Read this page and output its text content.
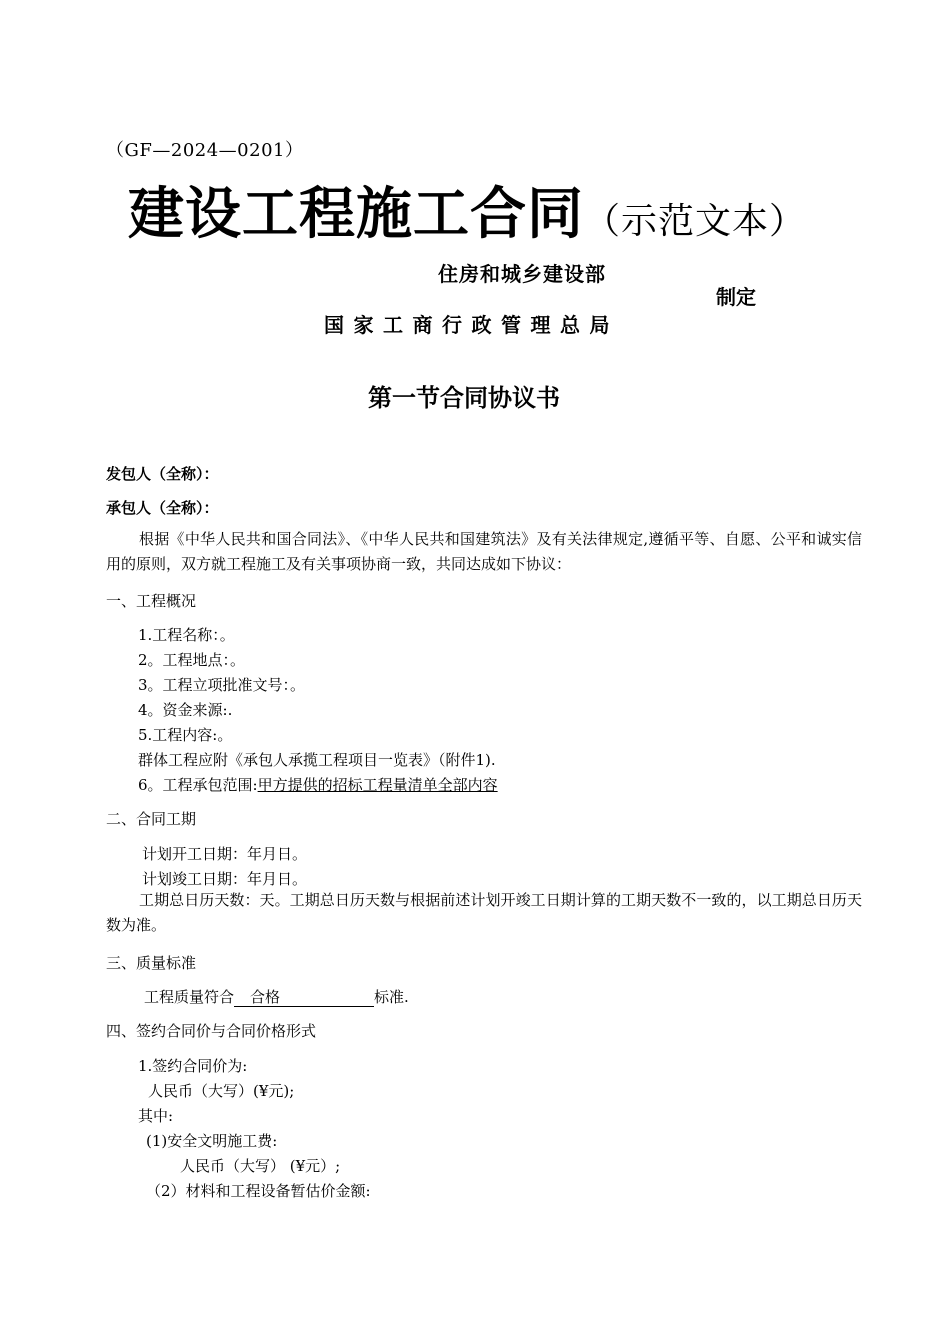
（GF—2024—0201）
建设工程施工合同（示范文本）
住房和城乡建设部
国家工商行政管理总局
制定
第一节合同协议书
发包人（全称）：
承包人（全称）：
根据《中华人民共和国合同法》、《中华人民共和国建筑法》及有关法律规定,遵循平等、自愿、公平和诚实信用的原则，双方就工程施工及有关事项协商一致，共同达成如下协议：
一、工程概况
1.工程名称：。
2。工程地点：。
3。工程立项批准文号：。
4。资金来源:.
5.工程内容:。
群体工程应附《承包人承揽工程项目一览表》（附件1).
6。工程承包范围:甲方提供的招标工程量清单全部内容
二、合同工期
计划开工日期：年月日。
计划竣工日期：年月日。
工期总日历天数：天。工期总日历天数与根据前述计划开竣工日期计算的工期天数不一致的，以工期总日历天数为准。
三、质量标准
工程质量符合 合格	标准.
四、签约合同价与合同价格形式
1.签约合同价为:
人民币（大写）(¥元);
其中:
(1)安全文明施工费:
人民币（大写） (¥元）;
（2）材料和工程设备暂估价金额:
